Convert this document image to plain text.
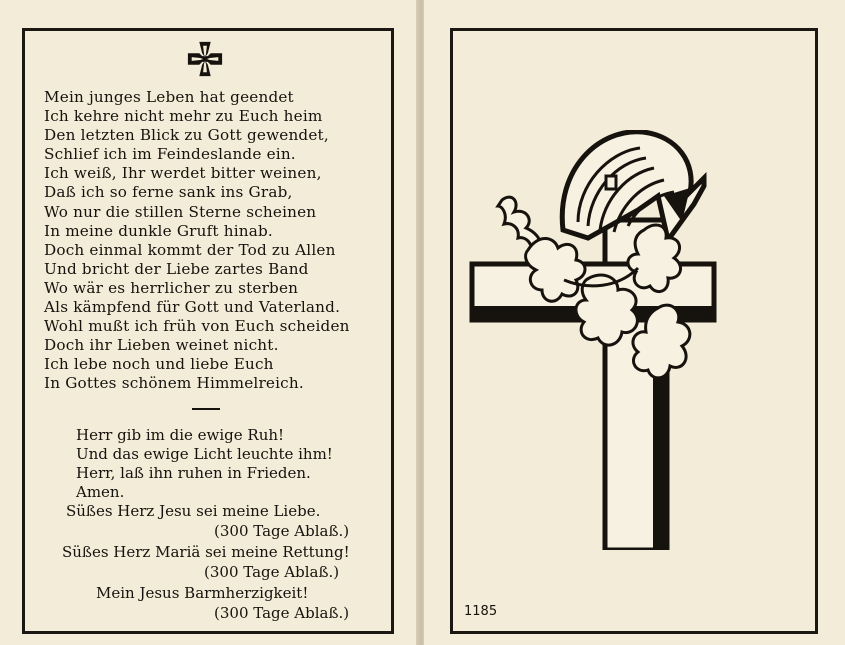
Mein junges Leben hat geendet
Ich kehre nicht mehr zu Euch heim
Den letzten Blick zu Gott gewendet,
Schlief ich im Feindeslande ein.
Ich weiß, Ihr werdet bitter weinen,
Daß ich so ferne sank ins Grab,
Wo nur die stillen Sterne scheinen
In meine dunkle Gruft hinab.
Doch einmal kommt der Tod zu Allen
Und bricht der Liebe zartes Band
Wo wär es herrlicher zu sterben
Als kämpfend für Gott und Vaterland.
Wohl mußt ich früh von Euch scheiden
Doch ihr Lieben weinet nicht.
Ich lebe noch und liebe Euch
In Gottes schönem Himmelreich.
Herr gib im die ewige Ruh!
Und das ewige Licht leuchte ihm!
Herr, laß ihn ruhen in Frieden.
Amen.
Süßes Herz Jesu sei meine Liebe.
(300 Tage Ablaß.)
Süßes Herz Mariä sei meine Rettung!
(300 Tage Ablaß.)
Mein Jesus Barmherzigkeit!
(300 Tage Ablaß.)	1185
